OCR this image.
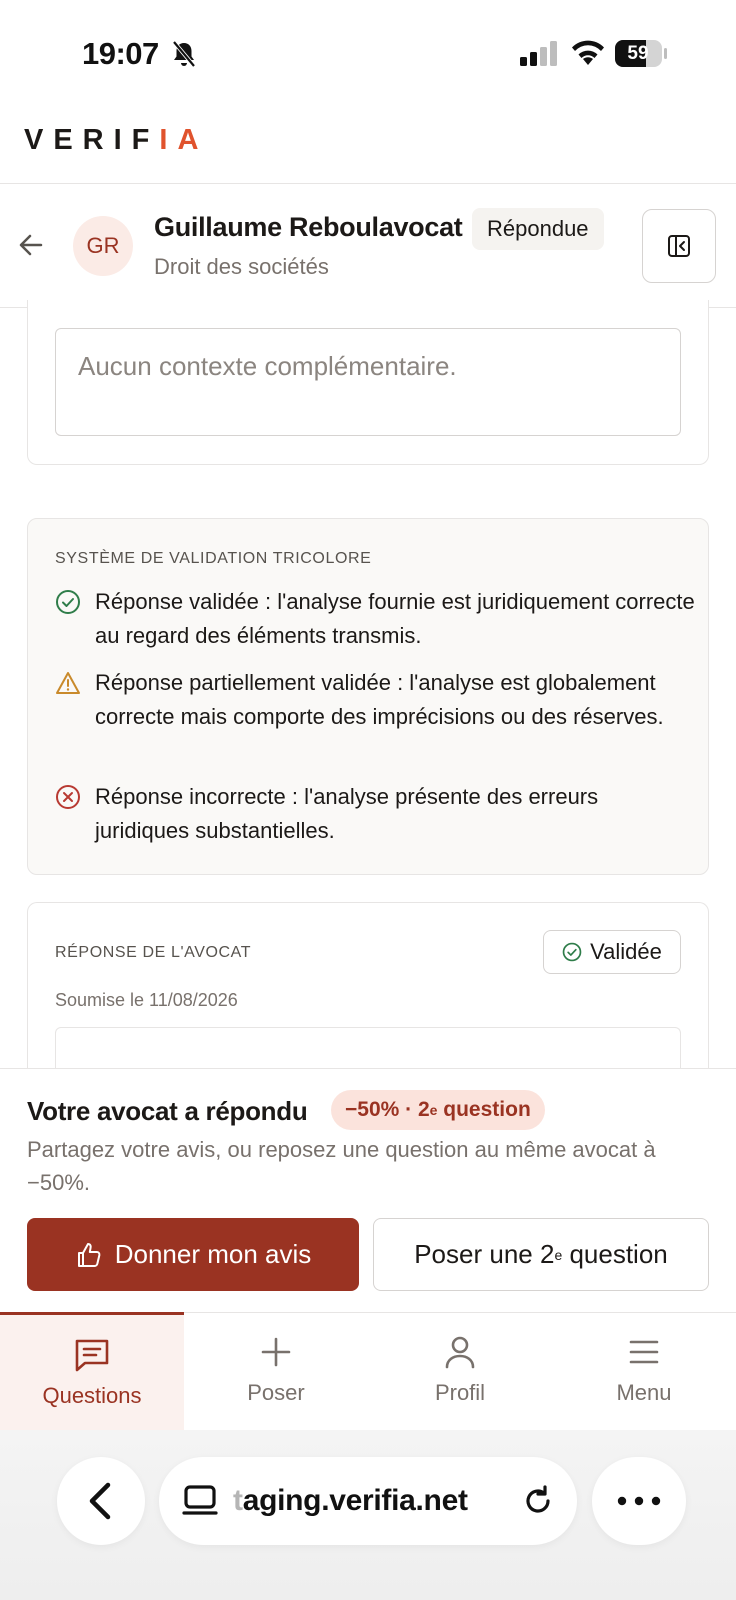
19:07	59
VERIFIA
GR
Guillaume Reboulavocat
Droit des sociétés
Répondue
Aucun contexte complémentaire.
SYSTÈME DE VALIDATION TRICOLORE
Réponse validée : l'analyse fournie est juridiquement correcte au regard des éléments transmis.
Réponse partiellement validée : l'analyse est globalement correcte mais comporte des imprécisions ou des réserves.
Réponse incorrecte : l'analyse présente des erreurs juridiques substantielles.
RÉPONSE DE L'AVOCAT	Validée
Soumise le 11/08/2026
Votre avocat a répondu −50% · 2 e question
Partagez votre avis, ou reposez une question au même avocat à −50%.
Donner mon avis	Poser une 2 e question
Questions	Poser	Profil	Menu
taging.verifia.net
